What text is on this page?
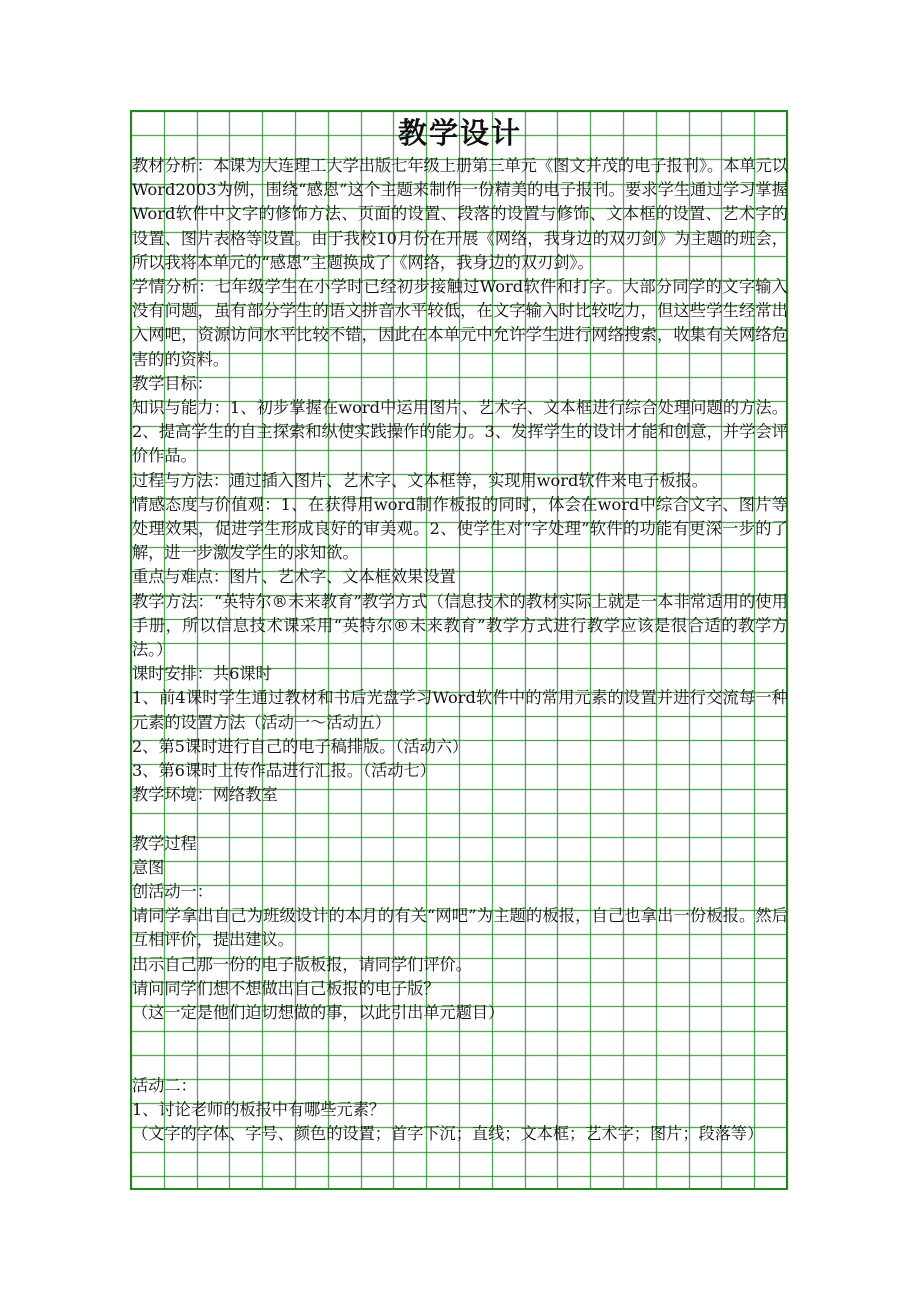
教学设计

教材分析：本课为大连理工大学出版七年级上册第三单元《图文并茂的电子报刊》。本单元以Word2003为例，围绕“感恩”这个主题来制作一份精美的电子报刊。要求学生通过学习掌握Word软件中文字的修饰方法、页面的设置、段落的设置与修饰、文本框的设置、艺术字的设置、图片表格等设置。由于我校10月份在开展《网络，我身边的双刃剑》为主题的班会，所以我将本单元的“感恩”主题换成了《网络，我身边的双刃剑》。

学情分析：七年级学生在小学时已经初步接触过Word软件和打字。大部分同学的文字输入没有问题，虽有部分学生的语文拼音水平较低，在文字输入时比较吃力，但这些学生经常出入网吧，资源访问水平比较不错，因此在本单元中允许学生进行网络搜索，收集有关网络危害的的资料。

教学目标：

知识与能力：1、初步掌握在word中运用图片、艺术字、文本框进行综合处理问题的方法。2、提高学生的自主探索和纵使实践操作的能力。3、发挥学生的设计才能和创意，并学会评价作品。

过程与方法：通过插入图片、艺术字、文本框等，实现用word软件来电子板报。

情感态度与价值观：1、在获得用word制作板报的同时，体会在word中综合文字、图片等处理效果，促进学生形成良好的审美观。2、使学生对“字处理”软件的功能有更深一步的了解，进一步激发学生的求知欲。

重点与难点：图片、艺术字、文本框效果设置

教学方法：“英特尔®未来教育”教学方式（信息技术的教材实际上就是一本非常适用的使用手册，所以信息技术课采用“英特尔®未来教育”教学方式进行教学应该是很合适的教学方法。）

课时安排：共6课时

1、前4课时学生通过教材和书后光盘学习Word软件中的常用元素的设置并进行交流每一种元素的设置方法（活动一～活动五）

2、第5课时进行自己的电子稿排版。（活动六）

3、第6课时上传作品进行汇报。（活动七）

教学环境：网络教室

教学过程

意图

创活动一：

请同学拿出自己为班级设计的本月的有关“网吧”为主题的板报，自己也拿出一份板报。然后互相评价，提出建议。

出示自己那一份的电子版板报，请同学们评价。

请问同学们想不想做出自己板报的电子版？

（这一定是他们迫切想做的事，以此引出单元题目）

活动二：

1、讨论老师的板报中有哪些元素？

（文字的字体、字号、颜色的设置；首字下沉；直线；文本框；艺术字；图片；段落等）
